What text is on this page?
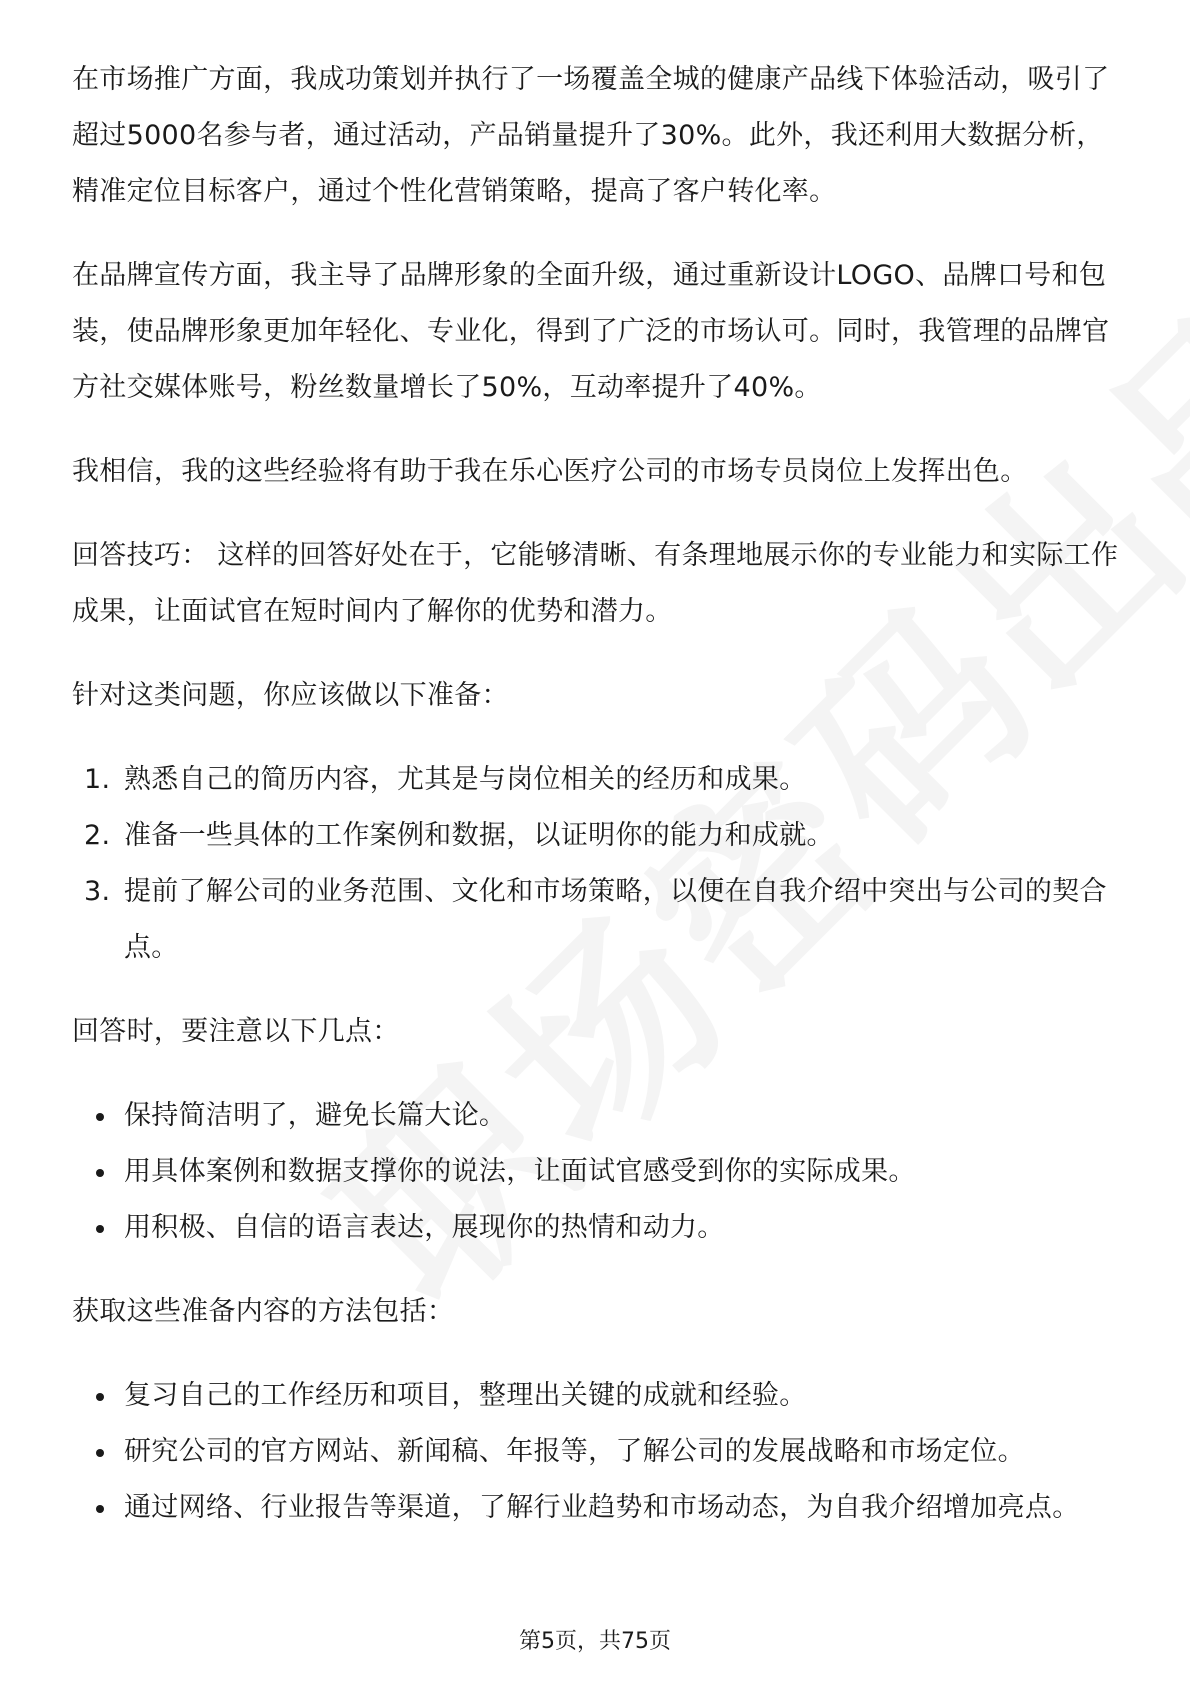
在市场推广方面，我成功策划并执行了一场覆盖全城的健康产品线下体验活动，吸引了超过5000名参与者，通过活动，产品销量提升了30%。此外，我还利用大数据分析，精准定位目标客户，通过个性化营销策略，提高了客户转化率。

在品牌宣传方面，我主导了品牌形象的全面升级，通过重新设计LOGO、品牌口号和包装，使品牌形象更加年轻化、专业化，得到了广泛的市场认可。同时，我管理的品牌官方社交媒体账号，粉丝数量增长了50%，互动率提升了40%。

我相信，我的这些经验将有助于我在乐心医疗公司的市场专员岗位上发挥出色。

回答技巧： 这样的回答好处在于，它能够清晰、有条理地展示你的专业能力和实际工作成果，让面试官在短时间内了解你的优势和潜力。

针对这类问题，你应该做以下准备：

1. 熟悉自己的简历内容，尤其是与岗位相关的经历和成果。
2. 准备一些具体的工作案例和数据，以证明你的能力和成就。
3. 提前了解公司的业务范围、文化和市场策略，以便在自我介绍中突出与公司的契合点。

回答时，要注意以下几点：

保持简洁明了，避免长篇大论。
用具体案例和数据支撑你的说法，让面试官感受到你的实际成果。
用积极、自信的语言表达，展现你的热情和动力。

获取这些准备内容的方法包括：

复习自己的工作经历和项目，整理出关键的成就和经验。
研究公司的官方网站、新闻稿、年报等，了解公司的发展战略和市场定位。
通过网络、行业报告等渠道，了解行业趋势和市场动态，为自我介绍增加亮点。
第5页，共75页
